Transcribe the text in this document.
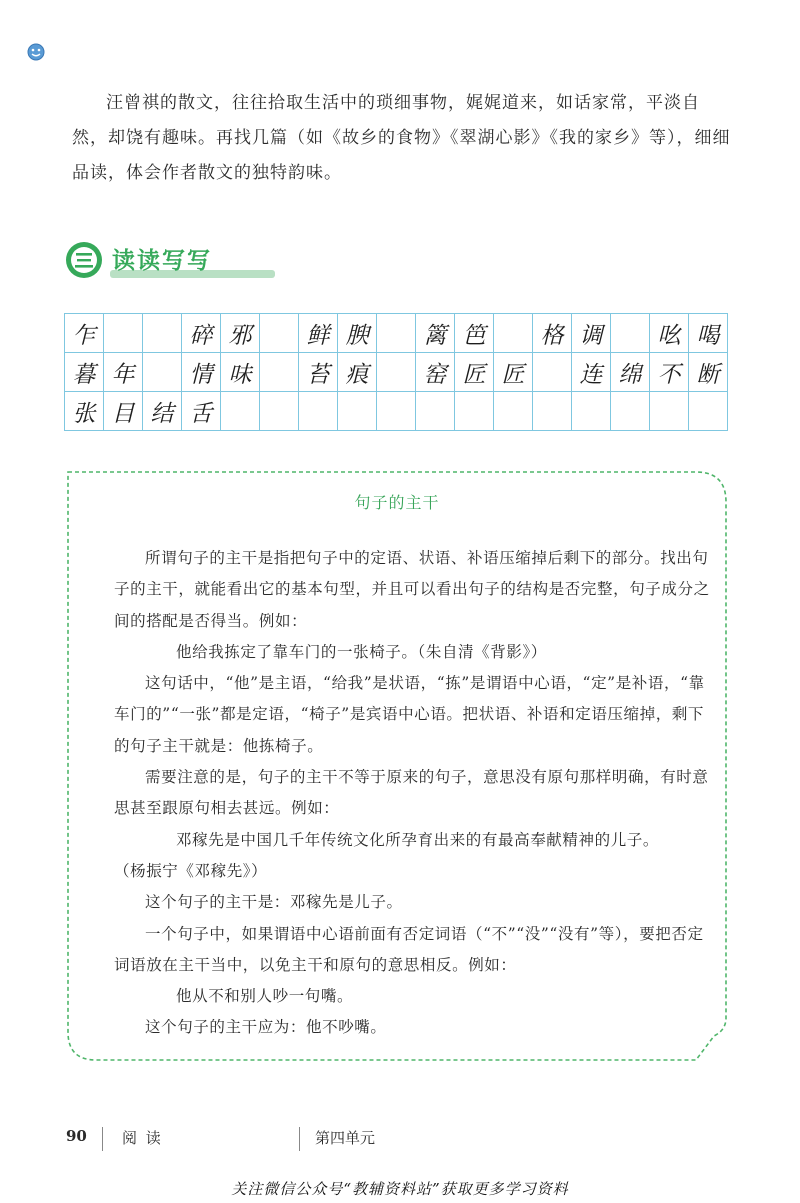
汪曾祺的散文，往往拾取生活中的琐细事物，娓娓道来，如话家常，平淡自然，却饶有趣味。再找几篇（如《故乡的食物》《翠湖心影》《我的家乡》等），细细品读，体会作者散文的独特韵味。

读读写写
乍	碎 邪	鲜 腴	篱 笆	格 调	吆 喝
暮 年	情 味	苔 痕	窑 匠 匠	连 绵 不 断
张 目 结 舌
句子的主干

所谓句子的主干是指把句子中的定语、状语、补语压缩掉后剩下的部分。找出句子的主干，就能看出它的基本句型，并且可以看出句子的结构是否完整，句子成分之间的搭配是否得当。例如：

他给我拣定了靠车门的一张椅子。（朱自清《背影》）

这句话中，“他”是主语，“给我”是状语，“拣”是谓语中心语，“定”是补语，“靠车门的”“一张”都是定语，“椅子”是宾语中心语。把状语、补语和定语压缩掉，剩下的句子主干就是：他拣椅子。

需要注意的是，句子的主干不等于原来的句子，意思没有原句那样明确，有时意思甚至跟原句相去甚远。例如：

邓稼先是中国几千年传统文化所孕育出来的有最高奉献精神的儿子。

（杨振宁《邓稼先》）

这个句子的主干是：邓稼先是儿子。

一个句子中，如果谓语中心语前面有否定词语（“不”“没”“没有”等），要把否定词语放在主干当中，以免主干和原句的意思相反。例如：

他从不和别人吵一句嘴。

这个句子的主干应为：他不吵嘴。

90 阅 读	第四单元
关注微信公众号“教辅资料站”获取更多学习资料
